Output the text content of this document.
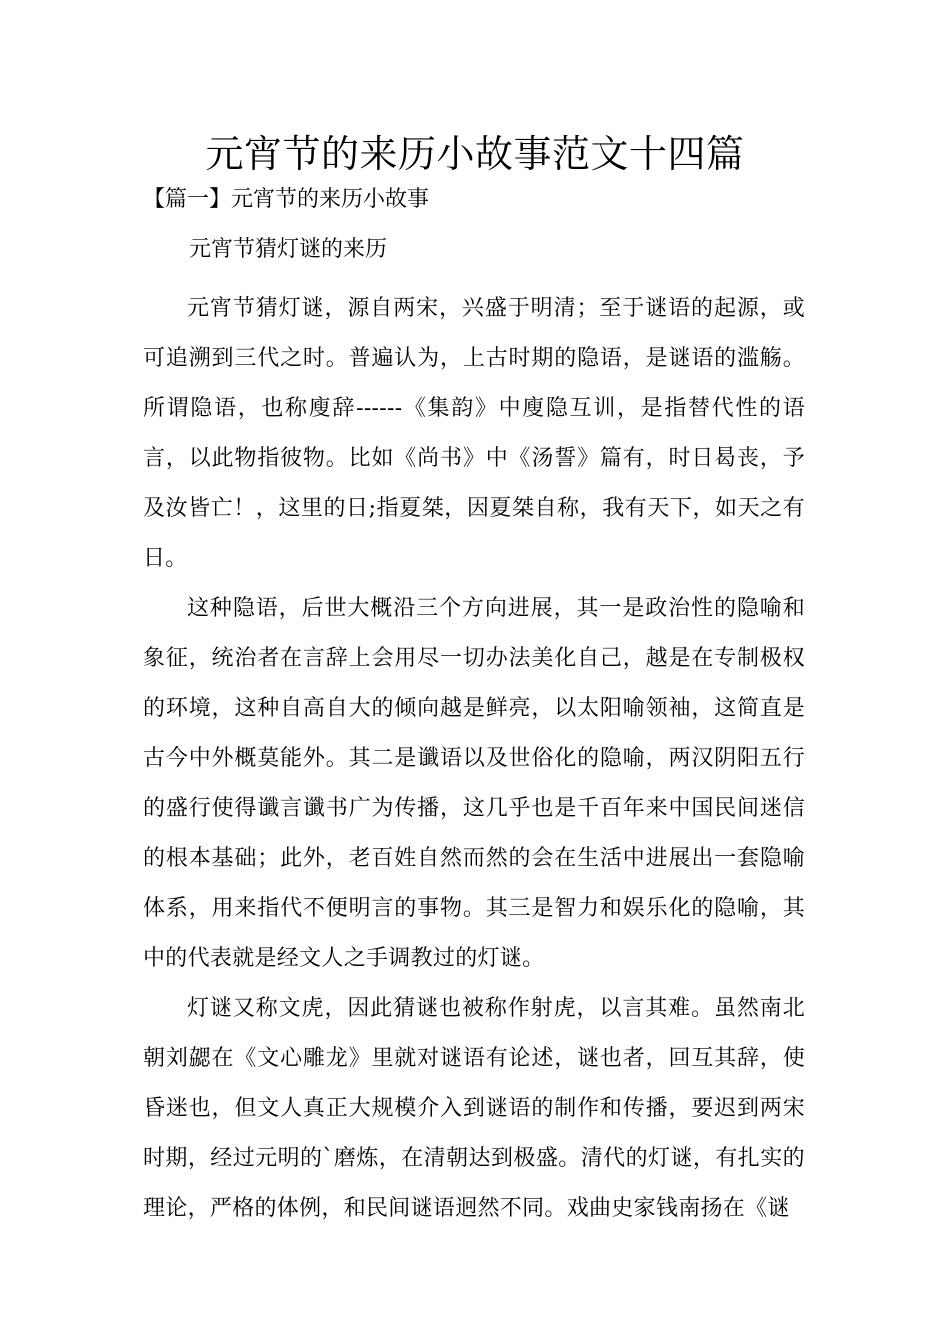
元宵节的来历小故事范文十四篇
【篇一】元宵节的来历小故事
元宵节猜灯谜的来历

元宵节猜灯谜，源自两宋，兴盛于明清；至于谜语的起源，或可追溯到三代之时。普遍认为，上古时期的隐语，是谜语的滥觞。所谓隐语，也称廋辞------《集韵》中廋隐互训，是指替代性的语言，以此物指彼物。比如《尚书》中《汤誓》篇有，时日曷丧，予及汝皆亡！，这里的日;指夏桀，因夏桀自称，我有天下，如天之有日。

这种隐语，后世大概沿三个方向进展，其一是政治性的隐喻和象征，统治者在言辞上会用尽一切办法美化自己，越是在专制极权的环境，这种自高自大的倾向越是鲜亮，以太阳喻领袖，这简直是古今中外概莫能外。其二是谶语以及世俗化的隐喻，两汉阴阳五行的盛行使得谶言谶书广为传播，这几乎也是千百年来中国民间迷信的根本基础；此外，老百姓自然而然的会在生活中进展出一套隐喻体系，用来指代不便明言的事物。其三是智力和娱乐化的隐喻，其中的代表就是经文人之手调教过的灯谜。

灯谜又称文虎，因此猜谜也被称作射虎，以言其难。虽然南北朝刘勰在《文心雕龙》里就对谜语有论述，谜也者，回互其辞，使昏迷也，但文人真正大规模介入到谜语的制作和传播，要迟到两宋时期，经过元明的`磨炼，在清朝达到极盛。清代的灯谜，有扎实的理论，严格的体例，和民间谜语迥然不同。戏曲史家钱南扬在《谜
